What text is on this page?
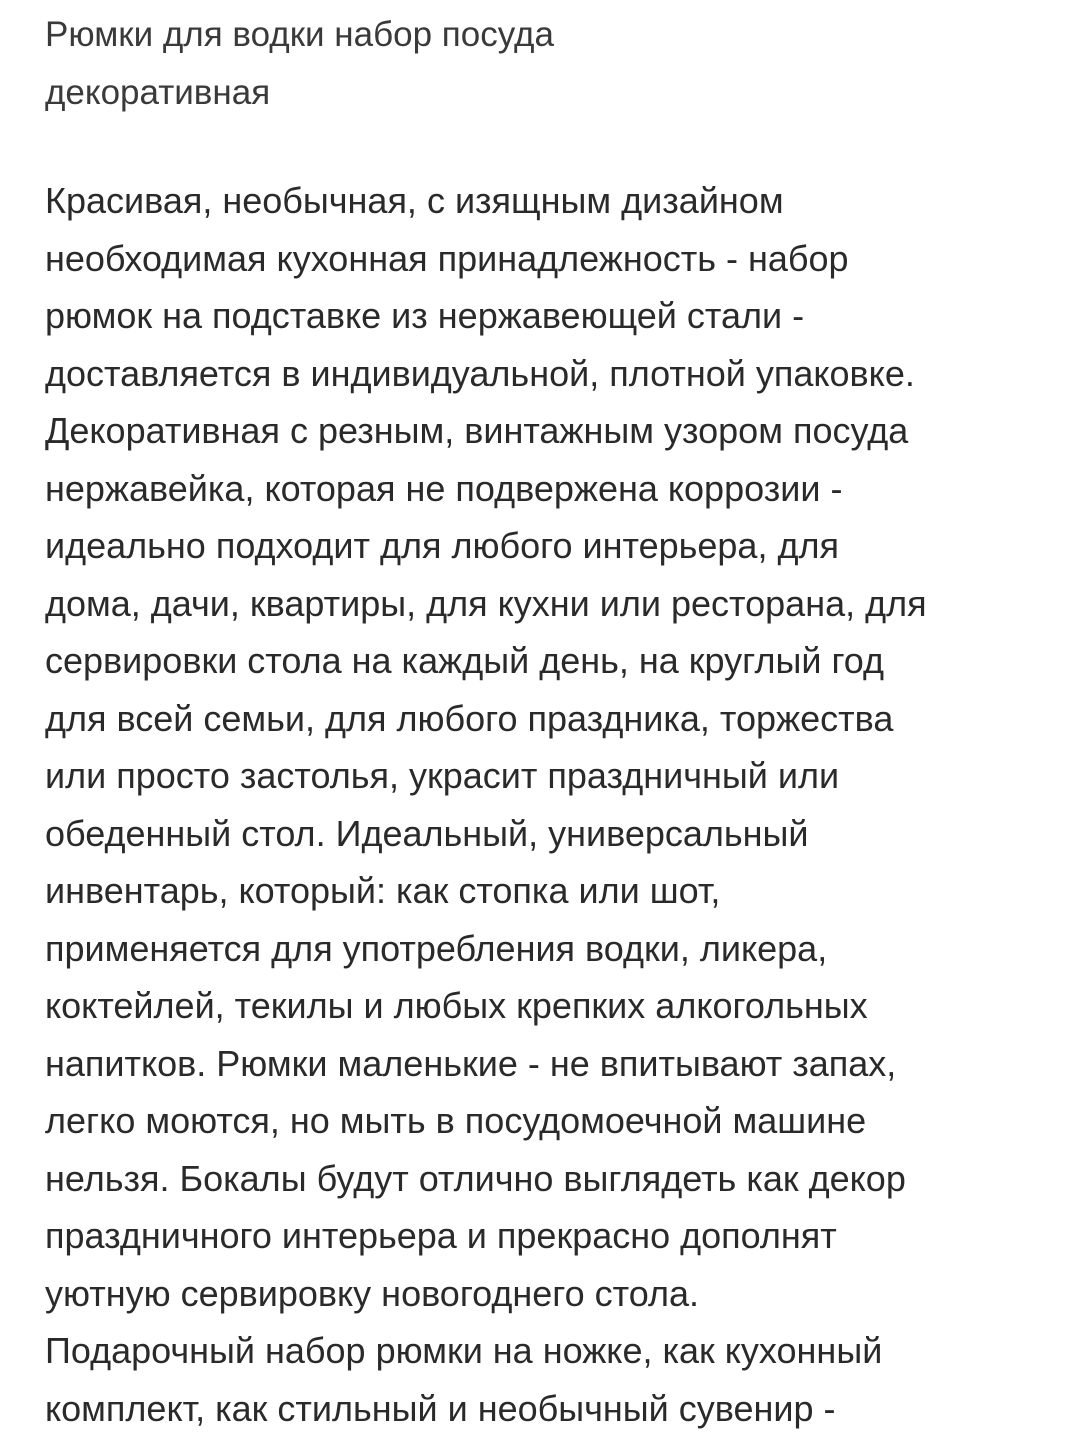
Рюмки для водки набор посуда
декоративная
Красивая, необычная, с изящным дизайном
необходимая кухонная принадлежность - набор
рюмок на подставке из нержавеющей стали -
доставляется в индивидуальной, плотной упаковке.
Декоративная с резным, винтажным узором посуда
нержавейка, которая не подвержена коррозии -
идеально подходит для любого интерьера, для
дома, дачи, квартиры, для кухни или ресторана, для
сервировки стола на каждый день, на круглый год
для всей семьи, для любого праздника, торжества
или просто застолья, украсит праздничный или
обеденный стол. Идеальный, универсальный
инвентарь, который: как стопка или шот,
применяется для употребления водки, ликера,
коктейлей, текилы и любых крепких алкогольных
напитков. Рюмки маленькие - не впитывают запах,
легко моются, но мыть в посудомоечной машине
нельзя. Бокалы будут отлично выглядеть как декор
праздничного интерьера и прекрасно дополнят
уютную сервировку новогоднего стола.
Подарочный набор рюмки на ножке, как кухонный
комплект, как стильный и необычный сувенир -
